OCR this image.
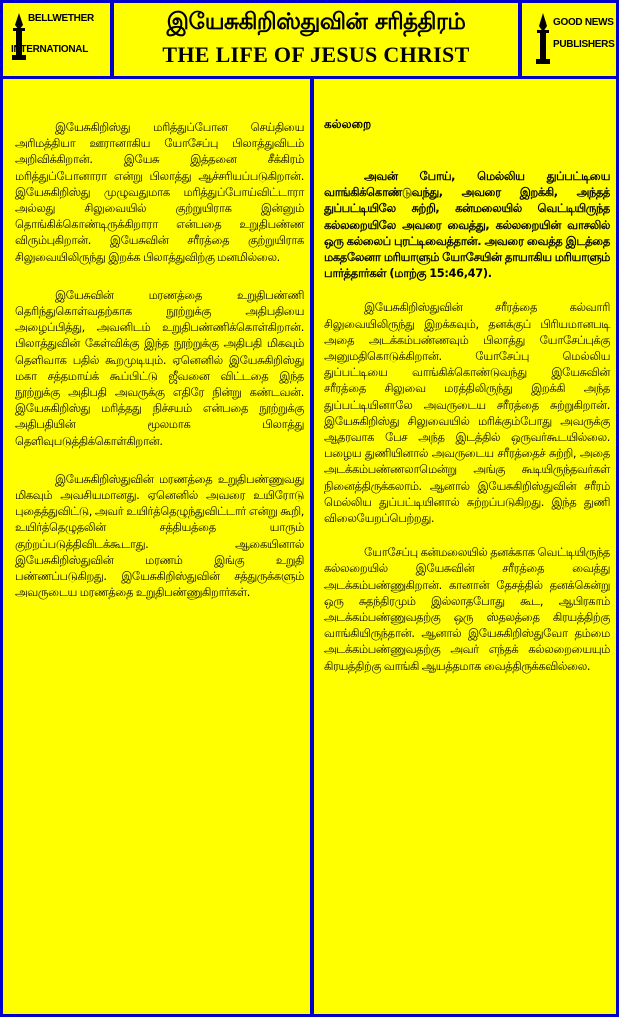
BELLWETHER
INTERNATIONAL
இயேசுகிறிஸ்துவின் சரித்திரம்
THE LIFE OF JESUS CHRIST
GOOD NEWS
PUBLISHERS

இயேசுகிறிஸ்து மரித்துப்போன செய்தியை அரிமத்தியா ஊரானாகிய யோசேப்பு பிலாத்துவிடம் அறிவிக்கிறான். இயேசு இத்தனை சீக்கிரம் மரித்துப்போனாரா என்று பிலாத்து ஆச்சரியப்படுகிறான். இயேசுகிறிஸ்து முழுவதுமாக மரித்துப்போய்விட்டாரா அல்லது சிலுவையில் குற்றுயிராக இன்னும் தொங்கிக்கொண்டிருக்கிறாரா என்பதை உறுதிபண்ண விரும்புகிறான். இயேசுவின் சரீரத்தை குற்றுயிராக சிலுவையிலிருந்து இறக்க பிலாத்துவிற்கு மனமில்லை.

இயேசுவின் மரணத்தை உறுதிபண்ணி தெரிந்துகொள்வதற்காக நூற்றுக்கு அதிபதியை அழைப்பித்து, அவனிடம் உறுதிபண்ணிக்கொள்கிறான். பிலாத்துவின் கேள்விக்கு இந்த நூற்றுக்கு அதிபதி மிகவும் தெளிவாக பதில் கூறமுடியும். ஏனெனில் இயேசுகிறிஸ்து மகா சத்தமாய்க் கூப்பிட்டு ஜீவனை விட்டதை இந்த நூற்றுக்கு அதிபதி அவருக்கு எதிரே நின்று கண்டவன். இயேசுகிறிஸ்து மரித்தது நிச்சயம் என்பதை நூற்றுக்கு அதிபதியின் மூலமாக பிலாத்து தெளிவுபடுத்திக்கொள்கிறான்.

இயேசுகிறிஸ்துவின் மரணத்தை உறுதிபண்ணுவது மிகவும் அவசியமானது. ஏனெனில் அவரை உயிரோடு புதைத்துவிட்டு, அவர் உயிர்த்தெழுந்துவிட்டார் என்று கூறி, உயிர்த்தெழுதலின் சத்தியத்தை யாரும் குற்றப்படுத்திவிடக்கூடாது. ஆகையினால் இயேசுகிறிஸ்துவின் மரணம் இங்கு உறுதி பண்ணப்படுகிறது. இயேசுகிறிஸ்துவின் சத்துருக்களும் அவருடைய மரணத்தை உறுதிபண்ணுகிறார்கள்.

கல்லறை

அவன் போய், மெல்லிய துப்பட்டியை வாங்கிக்கொண்டுவந்து, அவரை இறக்கி, அந்தத் துப்பட்டியிலே சுற்றி, கன்மலையில் வெட்டியிருந்த கல்லறையிலே அவரை வைத்து, கல்லறையின் வாசலில் ஒரு கல்லைப் புரட்டிவைத்தான். அவரை வைத்த இடத்தை மகதலேனா மரியாளும் யோசேயின் தாயாகிய மரியாளும் பார்த்தார்கள் (மாற்கு 15:46,47).

இயேசுகிறிஸ்துவின் சரீரத்தை கல்வாரி சிலுவையிலிருந்து இறக்கவும், தனக்குப் பிரியமானபடி அதை அடக்கம்பண்ணவும் பிலாத்து யோசேப்புக்கு அனுமதிகொடுக்கிறான். யோசேப்பு மெல்லிய துப்பட்டியை வாங்கிக்கொண்டுவந்து இயேசுவின் சரீரத்தை சிலுவை மரத்திலிருந்து இறக்கி அந்த துப்பட்டியினாலே அவருடைய சரீரத்தை சுற்றுகிறான். இயேசுகிறிஸ்து சிலுவையில் மரிக்கும்போது அவருக்கு ஆதரவாக பேச அந்த இடத்தில் ஒருவர்கூடயில்லை. பழைய துணியினால் அவருடைய சரீரத்தைச் சுற்றி, அதை அடக்கம்பண்ணலாமென்று அங்கு கூடியிருந்தவர்கள் நினைத்திருக்கலாம். ஆனால் இயேசுகிறிஸ்துவின் சரீரம் மெல்லிய துப்பட்டியினால் சுற்றப்படுகிறது. இந்த துணி விலையேறப்பெற்றது.

யோசேப்பு கன்மலையில் தனக்காக வெட்டியிருந்த கல்லறையில் இயேசுவின் சரீரத்தை வைத்து அடக்கம்பண்ணுகிறான். கானான் தேசத்தில் தனக்கென்று ஒரு சுதந்திரமும் இல்லாதபோது கூட, ஆபிரகாம் அடக்கம்பண்ணுவதற்கு ஒரு ஸ்தலத்தை கிரயத்திற்கு வாங்கியிருந்தான். ஆனால் இயேசுகிறிஸ்துவோ தம்மை அடக்கம்பண்ணுவதற்கு அவர் எந்தக் கல்லறையையும் கிரயத்திற்கு வாங்கி ஆயத்தமாக வைத்திருக்கவில்லை.
